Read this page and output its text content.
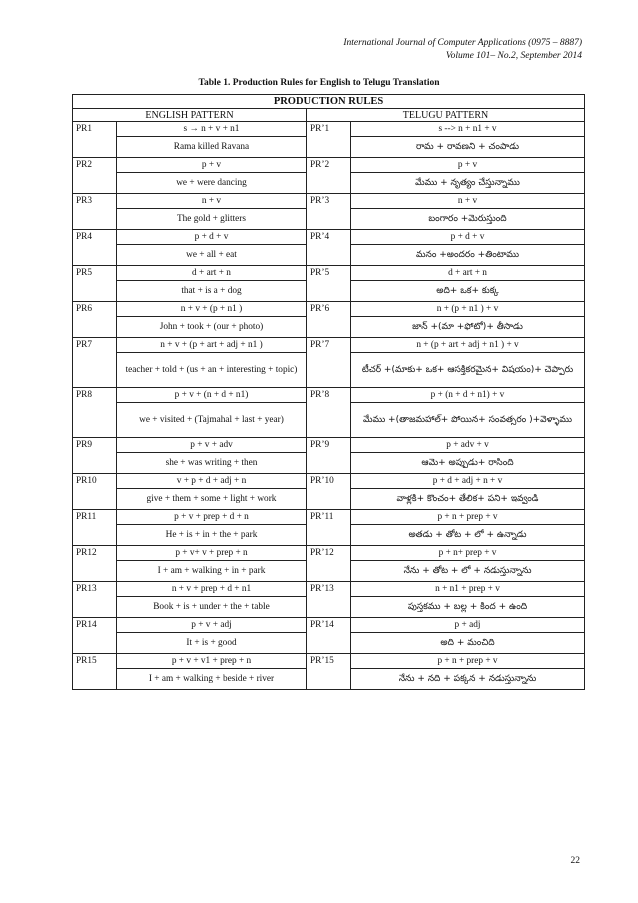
International Journal of Computer Applications (0975 – 8887)
Volume 101– No.2, September 2014
Table 1. Production Rules for English to Telugu Translation
PRODUCTION RULES			
ENGLISH PATTERN		TELUGU PATTERN	
PR1	s → n + v + n1	PR’1	s --> n + n1 + v
	Rama killed Ravana		రామ + రావణని + చంపాడు
PR2	p + v	PR’2	p + v
	we + were dancing		మేము + నృత్యం చేస్తున్నాము
PR3	n + v	PR’3	n + v
	The gold + glitters		బంగారం +మెరుస్తుంది
PR4	p + d + v	PR’4	p + d + v
	we + all + eat		మనం +అందరం +తింటాము
PR5	d + art + n	PR’5	d + art + n
	that + is a + dog		అది+ ఒక+ కుక్క
PR6	n + v + (p + n1 )	PR’6	n + (p + n1 ) + v
	John + took + (our + photo)		జాన్ +(మా +ఫోటో)+ తీసాడు
PR7	n + v + (p + art + adj + n1 )	PR’7	n + (p + art + adj + n1 ) + v
	teacher + told + (us + an + interesting + topic)		టీచర్ +(మాకు+ ఒక+ ఆసక్తికరమైన+ విషయం)+ చెప్పారు
PR8	p + v + (n + d + n1)	PR’8	p + (n + d + n1) + v
	we + visited + (Tajmahal + last + year)		మేము +(తాజమహాల్+ పోయిన+ సంవత్సరం )+వెళ్ళాము
PR9	p + v + adv	PR’9	p + adv + v
	she + was writing + then		ఆమె+ అప్పుడు+ రాసింది
PR10	v + p + d + adj + n	PR’10	p + d + adj + n + v
	give + them + some + light + work		వాళ్లకి+ కొంచం+ తేలిక+ పని+ ఇవ్వండి
PR11	p + v + prep + d + n	PR’11	p + n + prep + v
	He + is + in + the + park		అతడు + తోట + లో + ఉన్నాడు
PR12	p + v+ v + prep + n	PR’12	p + n+ prep + v
	I + am + walking + in + park		నేను + తోట + లో + నడుస్తున్నాను
PR13	n + v + prep + d + n1	PR’13	n + n1 + prep + v
	Book + is + under + the + table		పుస్తకము + బల్ల + కింద + ఉంది
PR14	p + v + adj	PR’14	p + adj
	It + is + good		అది + మంచిది
PR15	p + v + v1 + prep + n	PR’15	p + n + prep + v
	I + am + walking + beside + river		నేను + నది + పక్కన + నడుస్తున్నాను
22
